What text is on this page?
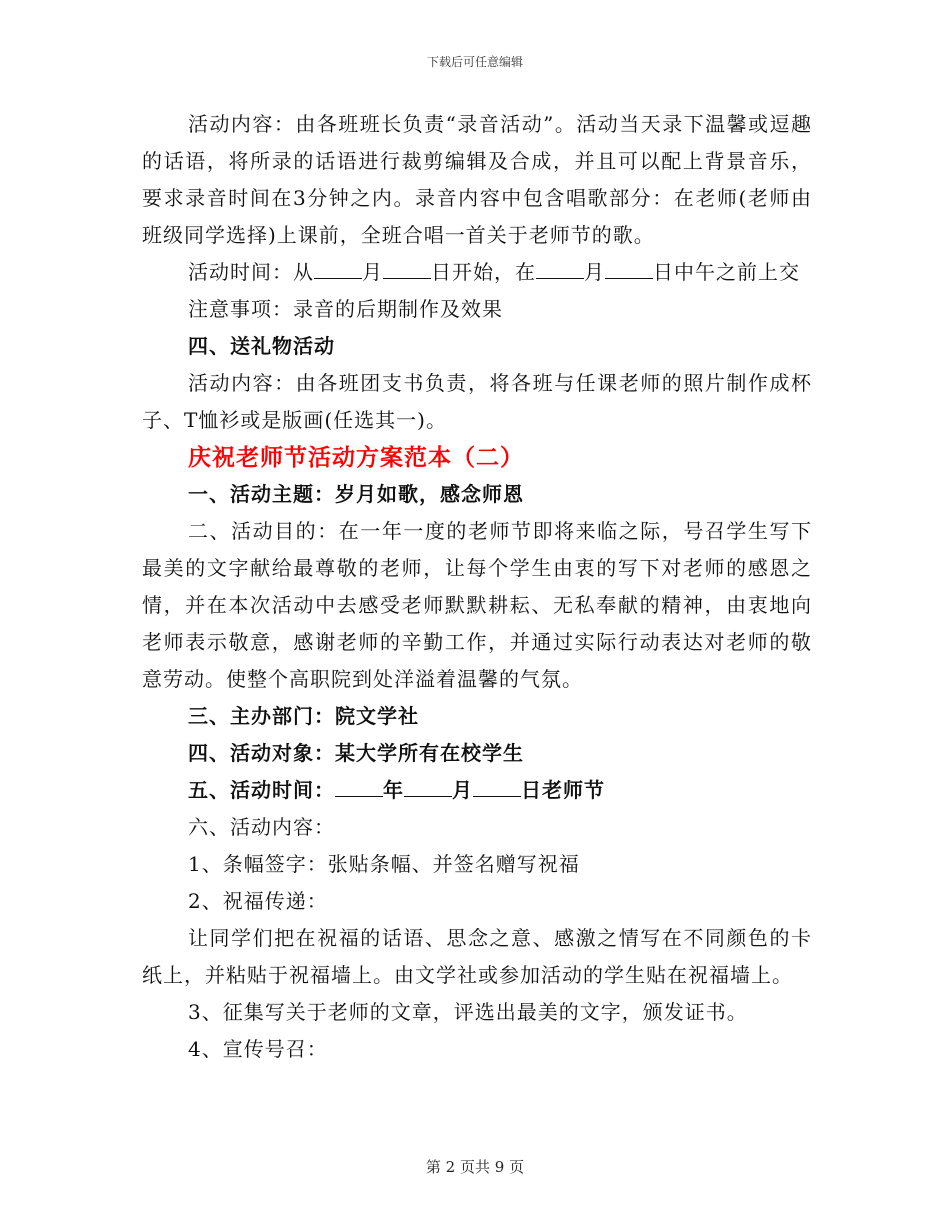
下载后可任意编辑

活动内容：由各班班长负责“录音活动”。活动当天录下温馨或逗趣的话语，将所录的话语进行裁剪编辑及合成，并且可以配上背景音乐，要求录音时间在3分钟之内。录音内容中包含唱歌部分：在老师(老师由班级同学选择)上课前，全班合唱一首关于老师节的歌。

活动时间：从 月 日开始，在 月 日中午之前上交

注意事项：录音的后期制作及效果

四、送礼物活动

活动内容：由各班团支书负责，将各班与任课老师的照片制作成杯子、T恤衫或是版画(任选其一)。

庆祝老师节活动方案范本（二）

一、活动主题：岁月如歌，感念师恩

二、活动目的：在一年一度的老师节即将来临之际，号召学生写下最美的文字献给最尊敬的老师，让每个学生由衷的写下对老师的感恩之情，并在本次活动中去感受老师默默耕耘、无私奉献的精神，由衷地向老师表示敬意，感谢老师的辛勤工作，并通过实际行动表达对老师的敬意劳动。使整个高职院到处洋溢着温馨的气氛。

三、主办部门：院文学社

四、活动对象：某大学所有在校学生

五、活动时间： 年 月 日老师节

六、活动内容：

1、条幅签字：张贴条幅、并签名赠写祝福

2、祝福传递：

让同学们把在祝福的话语、思念之意、感激之情写在不同颜色的卡纸上，并粘贴于祝福墙上。由文学社或参加活动的学生贴在祝福墙上。

3、征集写关于老师的文章，评选出最美的文字，颁发证书。

4、宣传号召：

第 2 页共 9 页
